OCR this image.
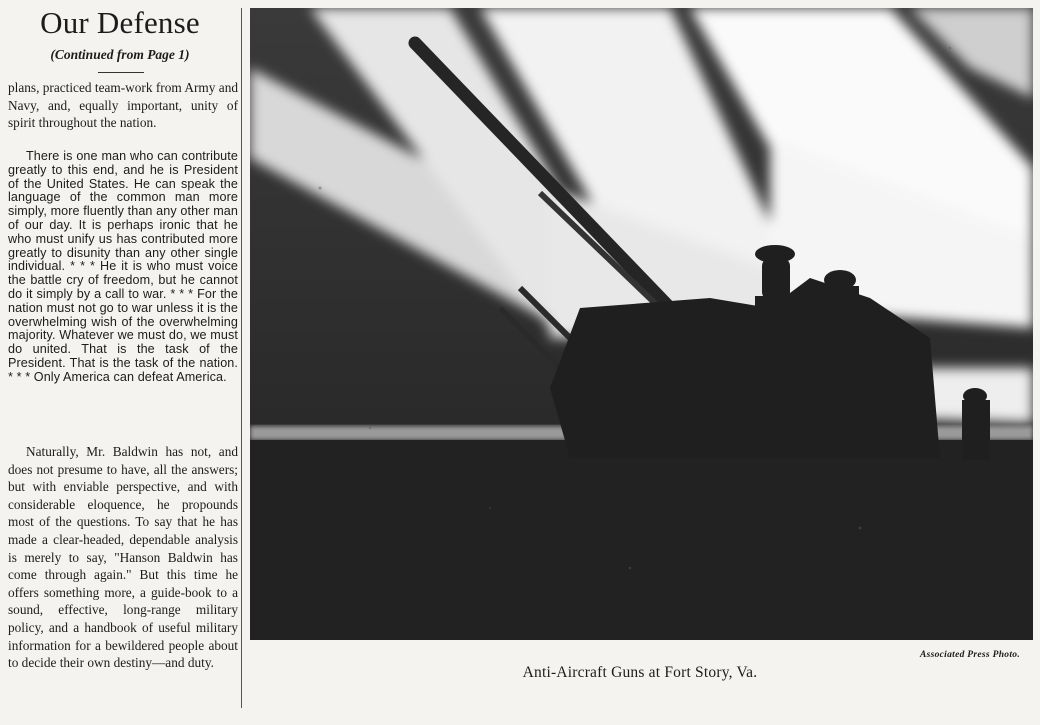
Our Defense
(Continued from Page 1)

plans, practiced team-work from Army and Navy, and, equally important, unity of spirit throughout the nation.

There is one man who can contribute greatly to this end, and he is President of the United States. He can speak the language of the common man more simply, more fluently than any other man of our day. It is perhaps ironic that he who must unify us has contributed more greatly to disunity than any other single individual. * * * He it is who must voice the battle cry of freedom, but he cannot do it simply by a call to war. * * * For the nation must not go to war unless it is the overwhelming wish of the overwhelming majority. Whatever we must do, we must do united. That is the task of the President. That is the task of the nation. * * * Only America can defeat America.

Naturally, Mr. Baldwin has not, and does not presume to have, all the answers; but with enviable perspective, and with considerable eloquence, he propounds most of the questions. To say that he has made a clear-headed, dependable analysis is merely to say, "Hanson Baldwin has come through again." But this time he offers something more, a guide-book to a sound, effective, long-range military policy, and a handbook of useful military information for a bewildered people about to decide their own destiny—and duty.

Associated Press Photo.
Anti-Aircraft Guns at Fort Story, Va.
